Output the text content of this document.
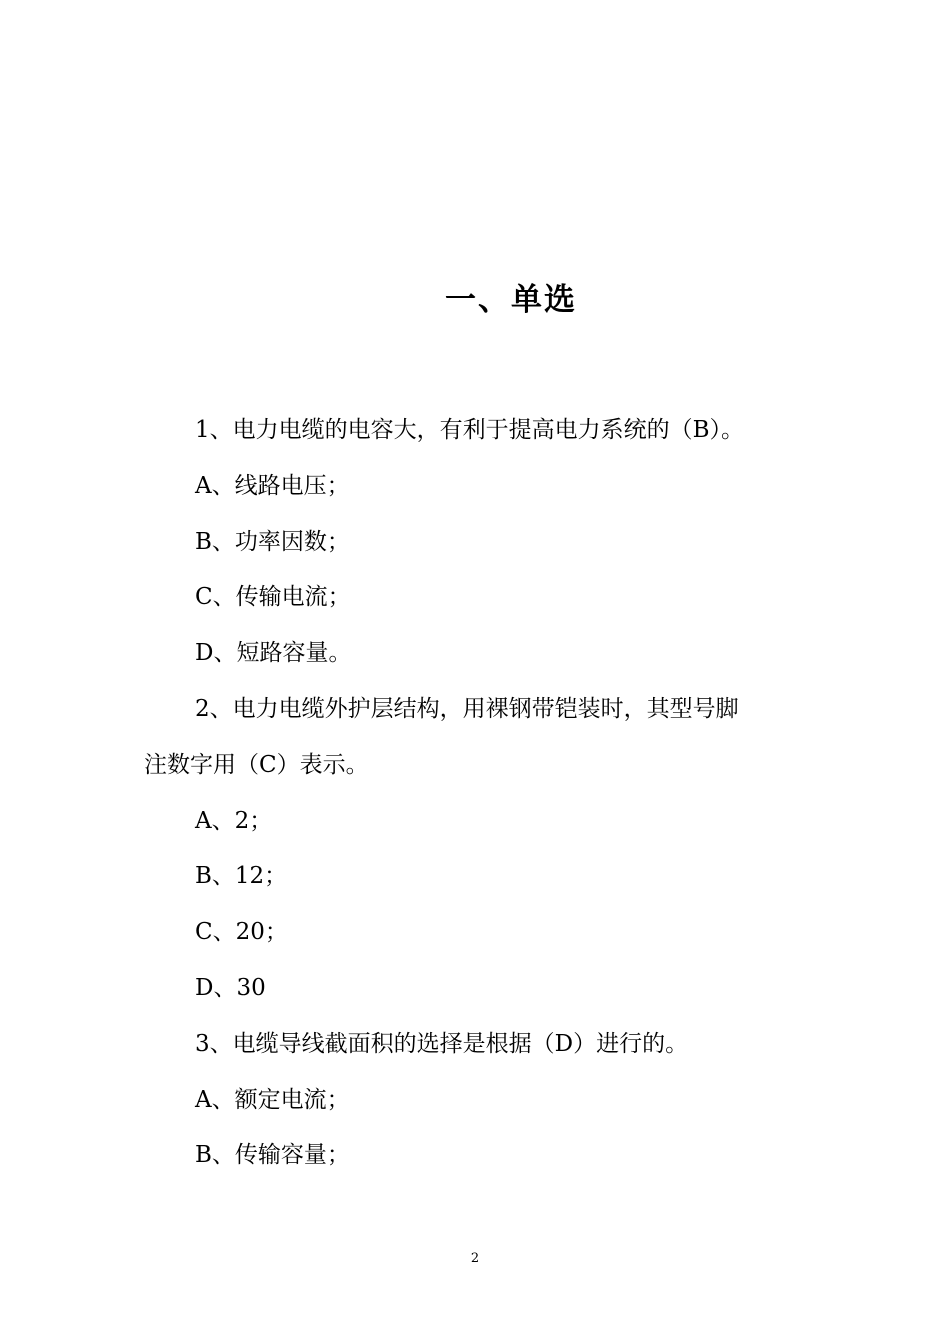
一、单选

1、电力电缆的电容大，有利于提高电力系统的（B）。

A、线路电压；

B、功率因数；

C、传输电流；

D、短路容量。

2、电力电缆外护层结构，用裸钢带铠装时，其型号脚

注数字用（C）表示。

A、2；

B、12；

C、20；

D、30

3、电缆导线截面积的选择是根据（D）进行的。

A、额定电流；

B、传输容量；

2
